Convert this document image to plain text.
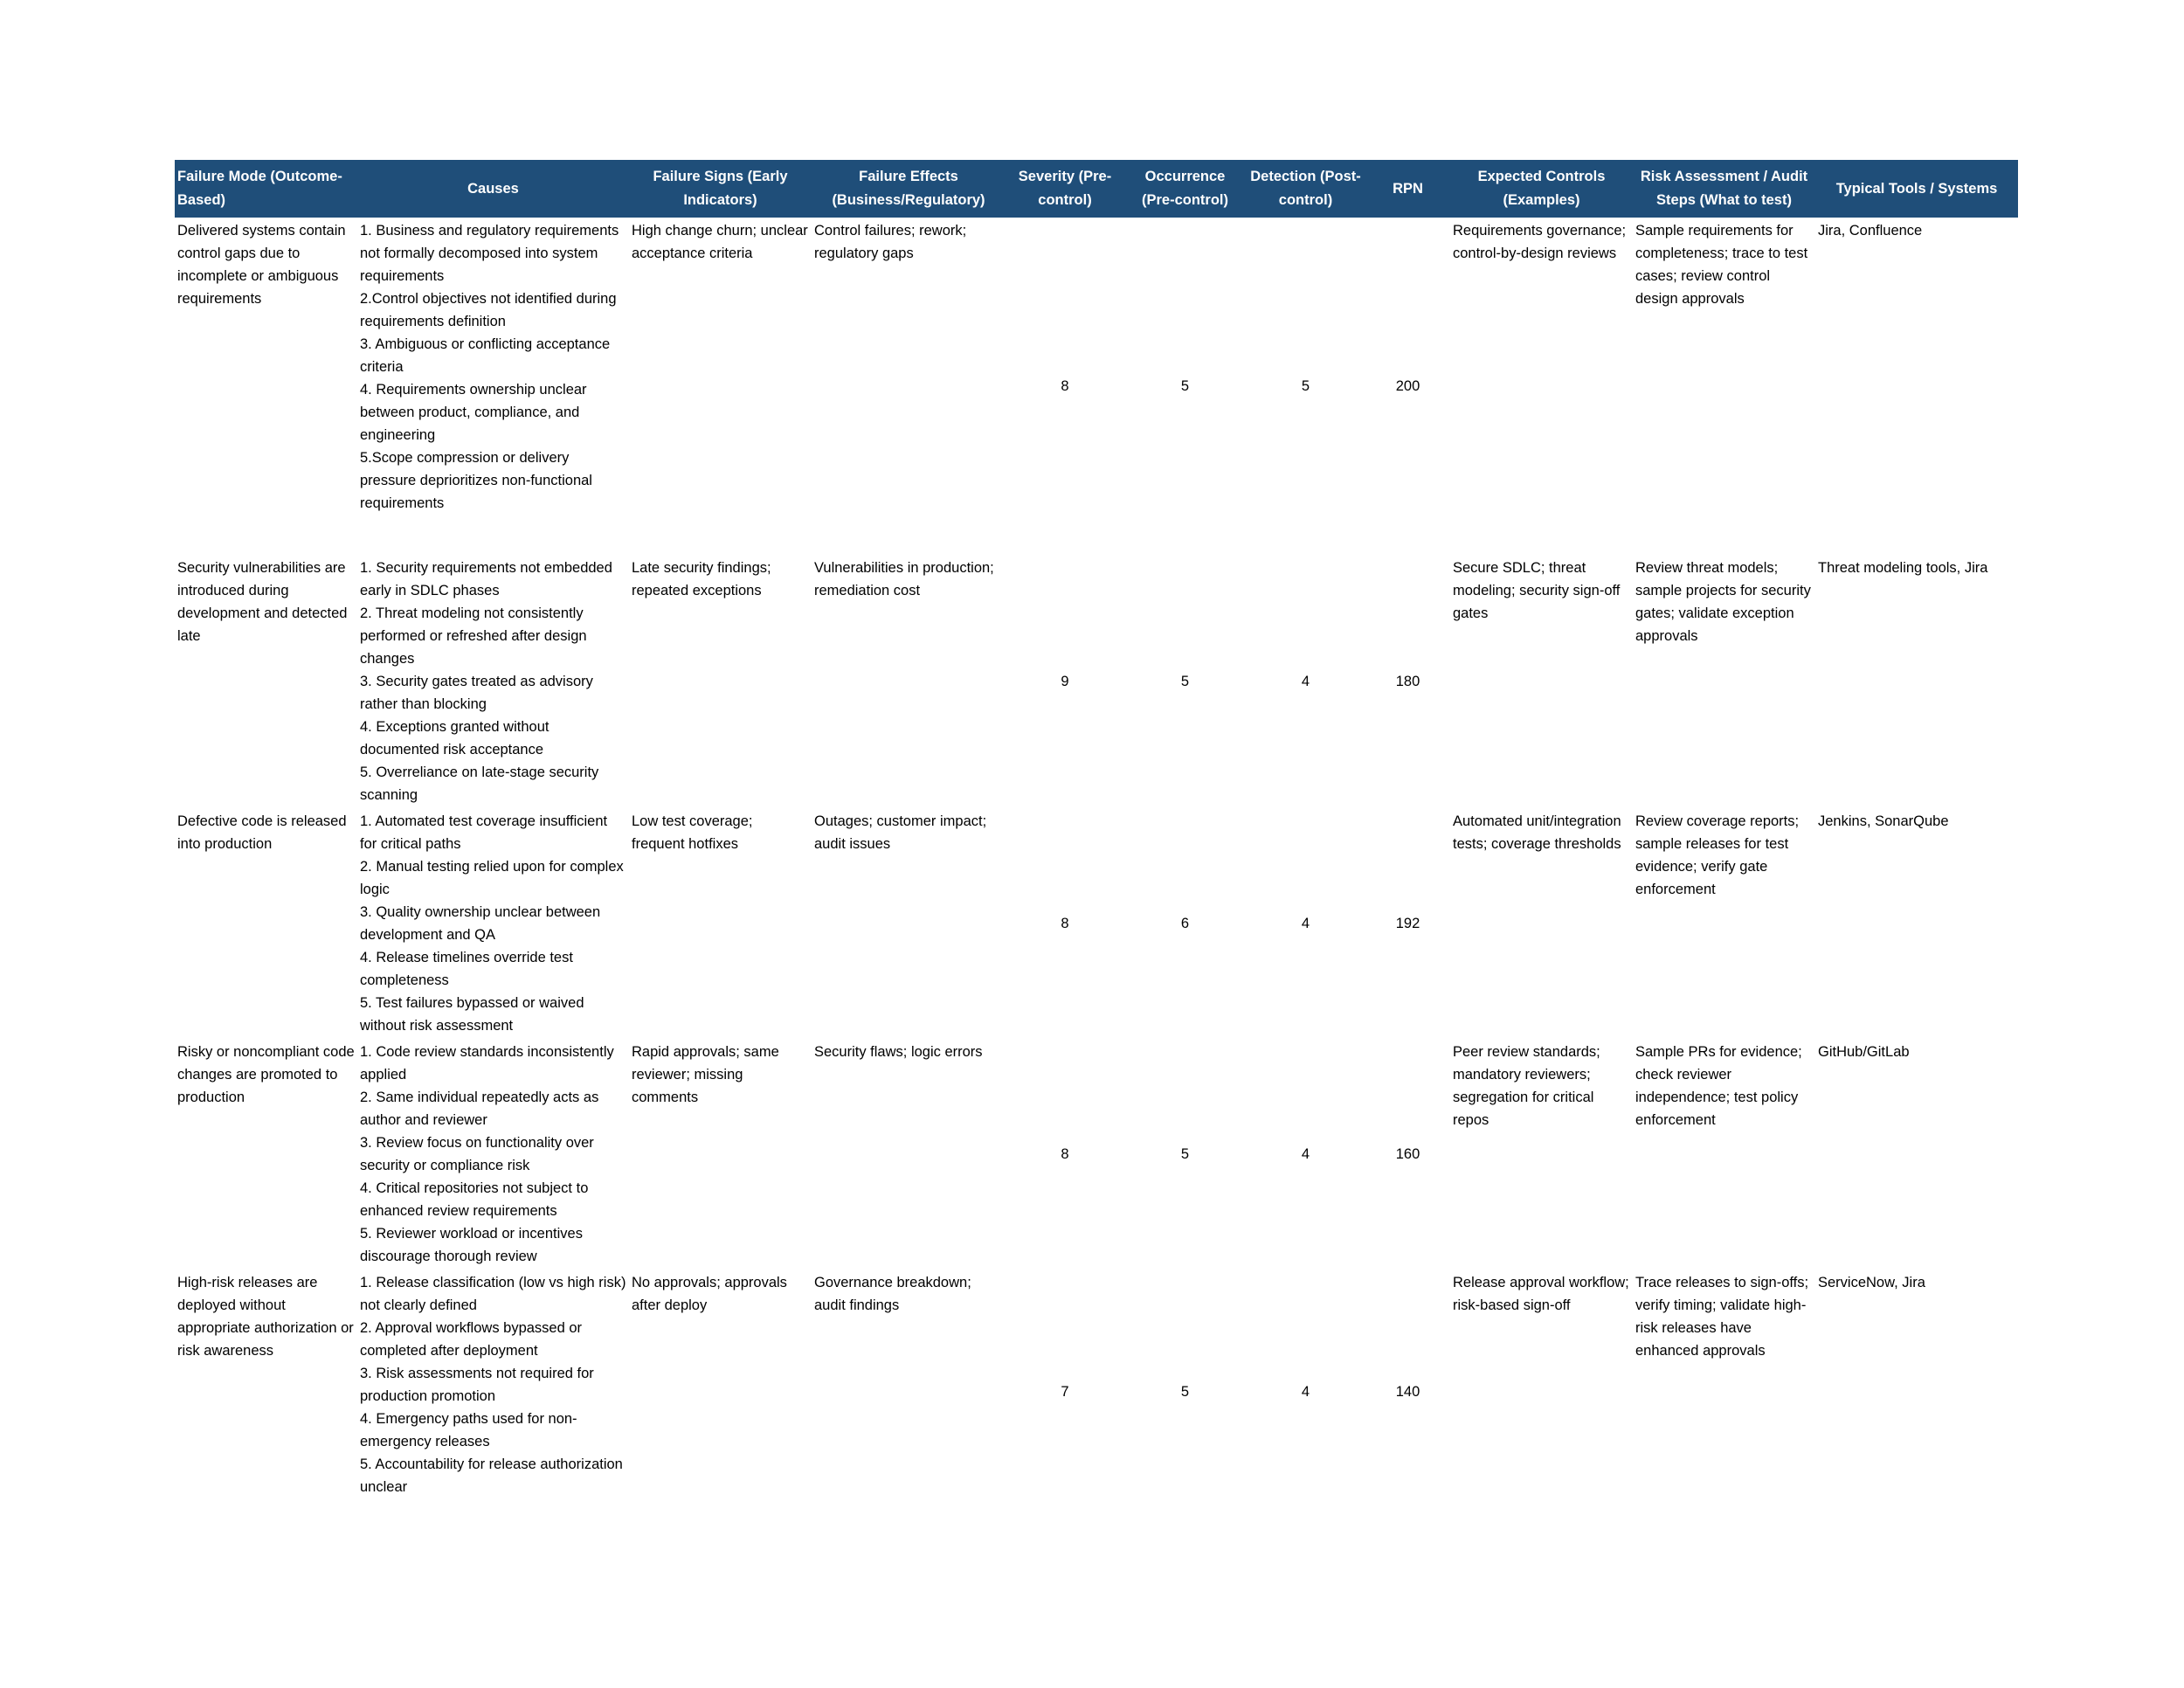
Failure Mode (Outcome-Based)	Causes	Failure Signs (Early Indicators)	Failure Effects (Business/Regulatory)	Severity (Pre-control)	Occurrence (Pre-control)	Detection (Post-control)	RPN	Expected Controls (Examples)	Risk Assessment / Audit Steps (What to test)	Typical Tools / Systems
Delivered systems contain control gaps due to incomplete or ambiguous requirements	1. Business and regulatory requirements not formally decomposed into system requirements
2.Control objectives not identified during requirements definition
3. Ambiguous or conflicting acceptance criteria
4. Requirements ownership unclear between product, compliance, and engineering
5.Scope compression or delivery pressure deprioritizes non-functional requirements	High change churn; unclear acceptance criteria	Control failures; rework; regulatory gaps	8	5	5	200	Requirements governance; control-by-design reviews	Sample requirements for completeness; trace to test cases; review control design approvals	Jira, Confluence
Security vulnerabilities are introduced during development and detected late	1. Security requirements not embedded early in SDLC phases
2. Threat modeling not consistently performed or refreshed after design changes
3. Security gates treated as advisory rather than blocking
4. Exceptions granted without documented risk acceptance
5. Overreliance on late-stage security scanning	Late security findings; repeated exceptions	Vulnerabilities in production; remediation cost	9	5	4	180	Secure SDLC; threat modeling; security sign-off gates	Review threat models; sample projects for security gates; validate exception approvals	Threat modeling tools, Jira
Defective code is released into production	1. Automated test coverage insufficient for critical paths
2. Manual testing relied upon for complex logic
3. Quality ownership unclear between development and QA
4. Release timelines override test completeness
5. Test failures bypassed or waived without risk assessment	Low test coverage; frequent hotfixes	Outages; customer impact; audit issues	8	6	4	192	Automated unit/integration tests; coverage thresholds	Review coverage reports; sample releases for test evidence; verify gate enforcement	Jenkins, SonarQube
Risky or noncompliant code changes are promoted to production	1. Code review standards inconsistently applied
2. Same individual repeatedly acts as author and reviewer
3. Review focus on functionality over security or compliance risk
4. Critical repositories not subject to enhanced review requirements
5. Reviewer workload or incentives discourage thorough review	Rapid approvals; same reviewer; missing comments	Security flaws; logic errors	8	5	4	160	Peer review standards; mandatory reviewers; segregation for critical repos	Sample PRs for evidence; check reviewer independence; test policy enforcement	GitHub/GitLab
High-risk releases are deployed without appropriate authorization or risk awareness	1. Release classification (low vs high risk) not clearly defined
2. Approval workflows bypassed or completed after deployment
3. Risk assessments not required for production promotion
4. Emergency paths used for non-emergency releases
5. Accountability for release authorization unclear	No approvals; approvals after deploy	Governance breakdown; audit findings	7	5	4	140	Release approval workflow; risk-based sign-off	Trace releases to sign-offs; verify timing; validate high-risk releases have enhanced approvals	ServiceNow, Jira
